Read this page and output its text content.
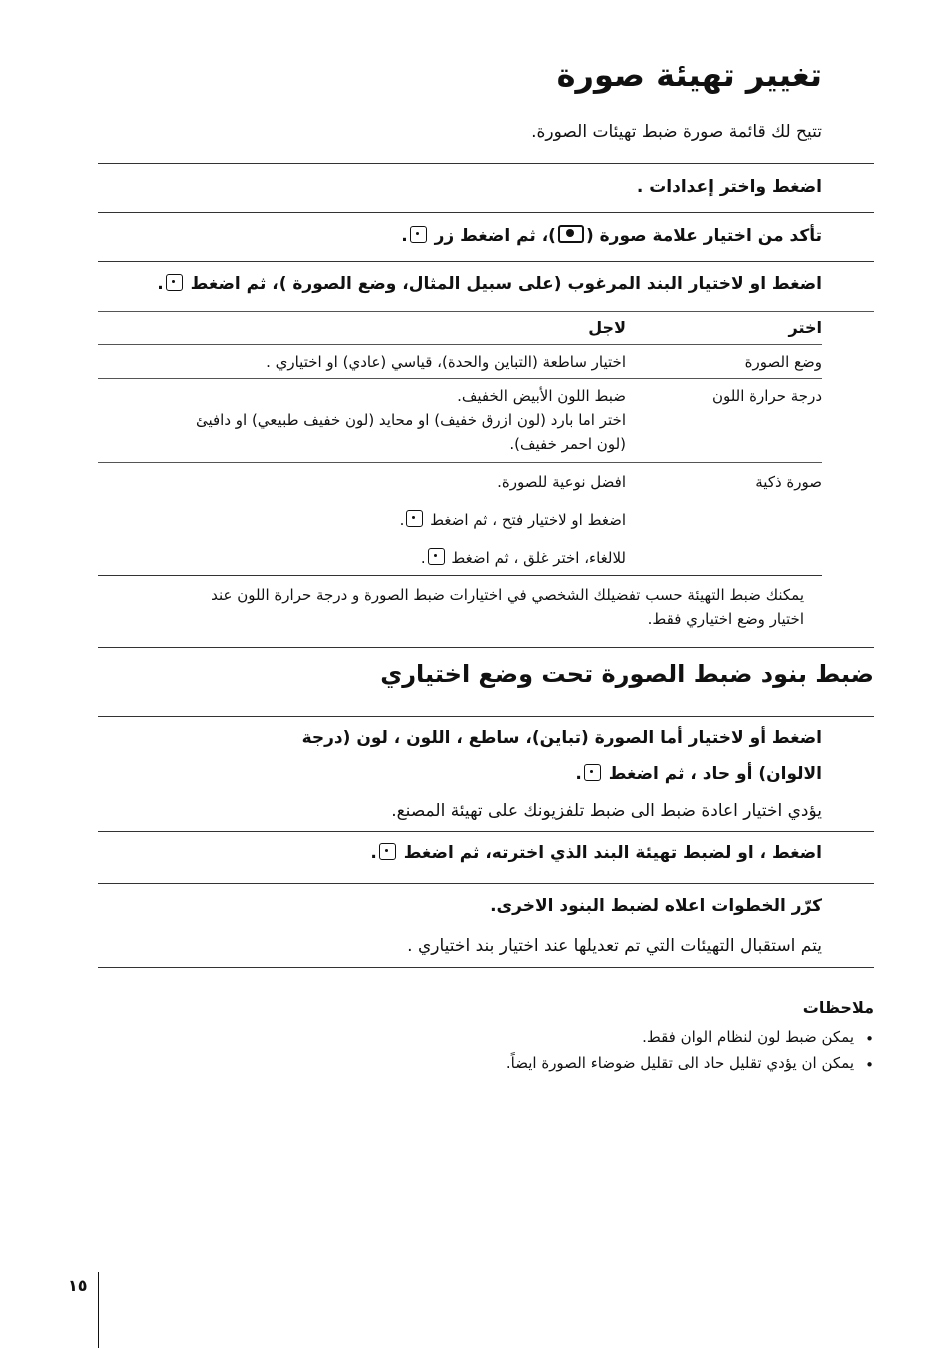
تغيير تهيئة صورة

تتيح لك قائمة صورة ضبط تهيئات الصورة.

اضغط واختر إعدادات .

تأكد من اختيار علامة صورة ()، ثم اضغط زر .

اضغط او لاختيار البند المرغوب (على سبيل المثال، وضع الصورة )، ثم اضغط .

اختر

لاجل

وضع الصورة

اختيار ساطعة (التباين والحدة)، قياسي (عادي) او اختياري .

درجة حرارة اللون

ضبط اللون الأبيض الخفيف.

اختر اما بارد (لون ازرق خفيف) او محايد (لون خفيف طبيعي) او دافيئ

(لون احمر خفيف).

صورة ذكية

افضل نوعية للصورة.

اضغط او لاختيار فتح ، ثم اضغط .

للالغاء، اختر غلق ، ثم اضغط .

يمكنك ضبط التهيئة حسب تفضيلك الشخصي في اختيارات ضبط الصورة و درجة حرارة اللون عند

اختيار وضع اختياري فقط.

ضبط بنود ضبط الصورة تحت وضع اختياري

اضغط أو لاختيار أما الصورة (تباين)، ساطع ، اللون ، لون (درجة

الالوان) أو حاد ، ثم اضغط .

يؤدي اختيار اعادة ضبط الى ضبط تلفزيونك على تهيئة المصنع.

اضغط ، او لضبط تهيئة البند الذي اخترته، ثم اضغط .

كرّر الخطوات اعلاه لضبط البنود الاخرى.

يتم استقبال التهيئات التي تم تعديلها عند اختيار بند اختياري .

ملاحظات

•

يمكن ضبط لون لنظام الوان فقط.

•

يمكن ان يؤدي تقليل حاد الى تقليل ضوضاء الصورة ايضاً.

١٥
